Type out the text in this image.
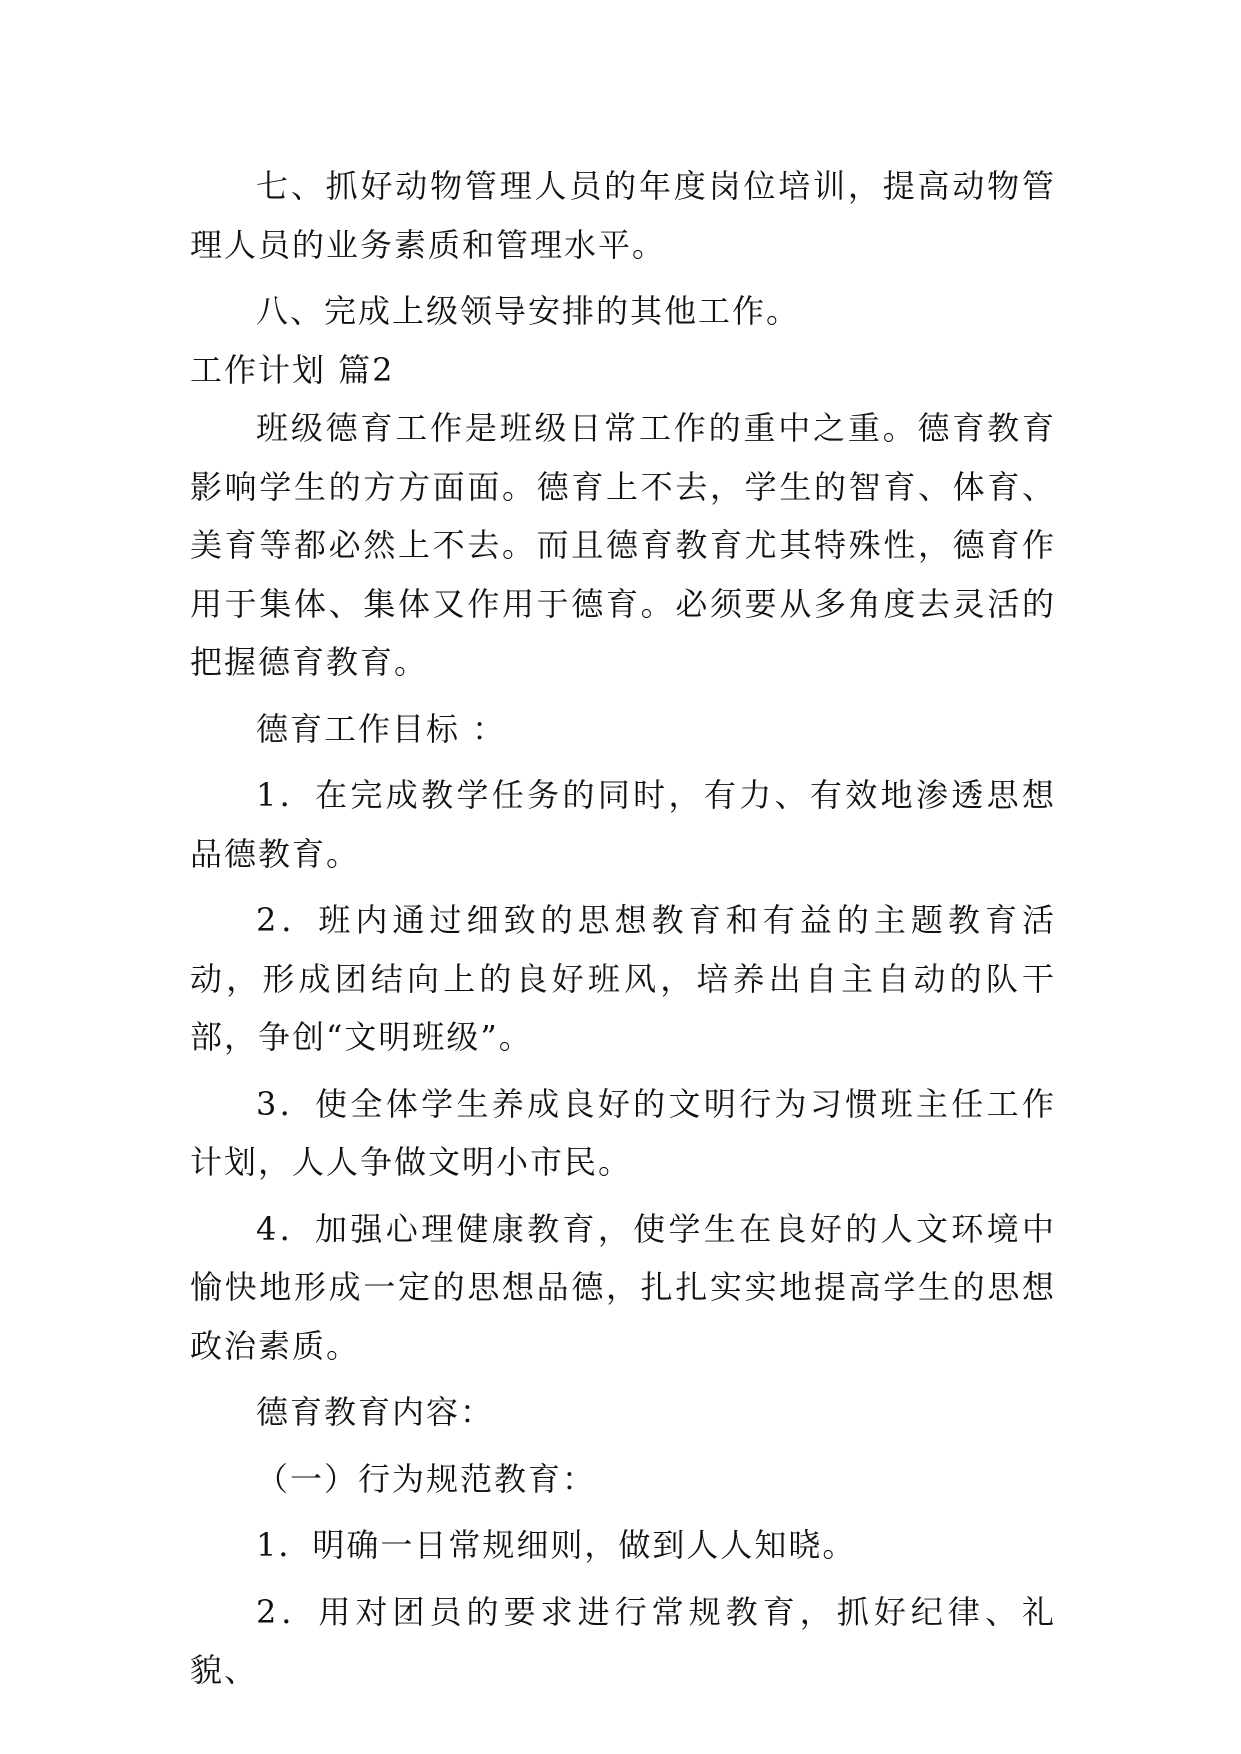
七、抓好动物管理人员的年度岗位培训，提高动物管理人员的业务素质和管理水平。

八、完成上级领导安排的其他工作。

工作计划 篇2

班级德育工作是班级日常工作的重中之重。德育教育影响学生的方方面面。德育上不去，学生的智育、体育、美育等都必然上不去。而且德育教育尤其特殊性，德育作用于集体、集体又作用于德育。必须要从多角度去灵活的把握德育教育。

德育工作目标 ：

1．在完成教学任务的同时，有力、有效地渗透思想品德教育。

2．班内通过细致的思想教育和有益的主题教育活动，形成团结向上的良好班风，培养出自主自动的队干部，争创“文明班级”。

3．使全体学生养成良好的文明行为习惯班主任工作计划，人人争做文明小市民。

4．加强心理健康教育，使学生在良好的人文环境中愉快地形成一定的思想品德，扎扎实实地提高学生的思想政治素质。

德育教育内容：

（一）行为规范教育：

1．明确一日常规细则，做到人人知晓。

2．用对团员的要求进行常规教育，抓好纪律、礼貌、
